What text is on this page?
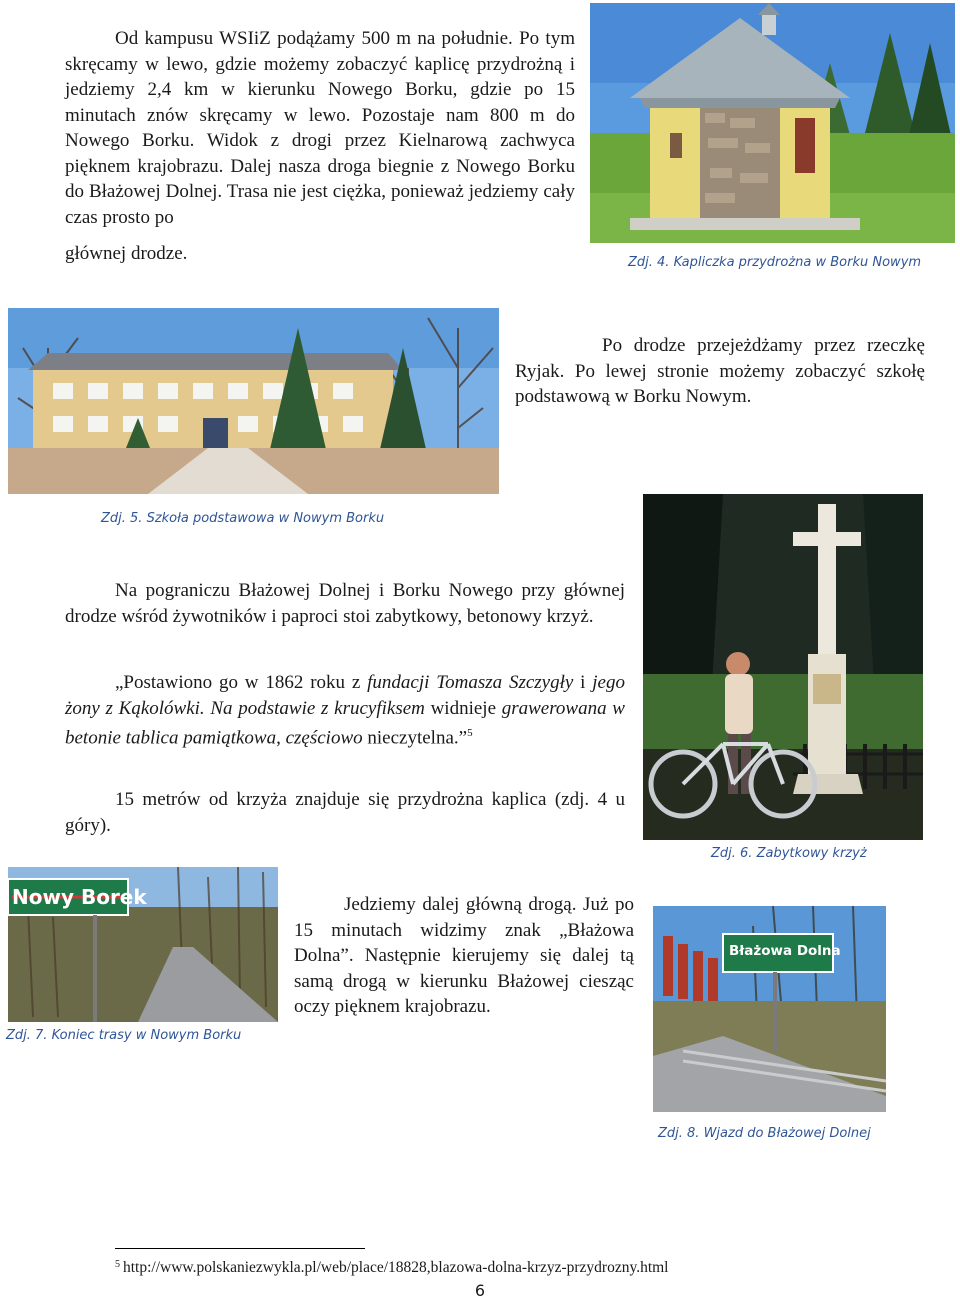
Od kampusu WSIiZ podążamy 500 m na południe. Po tym skręcamy w lewo, gdzie możemy zobaczyć kaplicę przydrożną i jedziemy 2,4 km w kierunku Nowego Borku, gdzie po 15 minutach znów skręcamy w lewo. Pozostaje nam 800 m do Nowego Borku. Widok z drogi przez Kielnarową zachwyca pięknem krajobrazu. Dalej nasza droga biegnie z Nowego Borku do Błażowej Dolnej. Trasa nie jest ciężka, ponieważ jedziemy cały czas prosto po
głównej drodze.	Zdj. 4. Kapliczka przydrożna w Borku Nowym
Po drodze przejeżdżamy przez rzeczkę Ryjak. Po lewej stronie możemy zobaczyć szkołę podstawową w Borku Nowym.
Zdj. 5. Szkoła podstawowa w Nowym Borku
Zdj. 6. Zabytkowy krzyż
Na pograniczu Błażowej Dolnej i Borku Nowego przy głównej drodze wśród żywotników i paproci stoi zabytkowy, betonowy krzyż.
„Postawiono go w 1862 roku z fundacji Tomasza Szczygły i jego żony z Kąkolówki. Na podstawie z krucyfiksem widnieje grawerowana w betonie tablica pamiątkowa, częściowo nieczytelna.”$^5$
15 metrów od krzyża znajduje się przydrożna kaplica (zdj. 4 u góry).
Nowy Borek
Zdj. 7. Koniec trasy w Nowym Borku
Jedziemy dalej główną drogą. Już po 15 minutach widzimy znak „Błażowa Dolna”. Następnie kierujemy się dalej tą samą drogą w kierunku Błażowej ciesząc oczy pięknem krajobrazu.
Błażowa Dolna
Zdj. 8. Wjazd do Błażowej Dolnej
$^5$ http://www.polskaniezwykla.pl/web/place/18828,blazowa-dolna-krzyz-przydrozny.html
6
